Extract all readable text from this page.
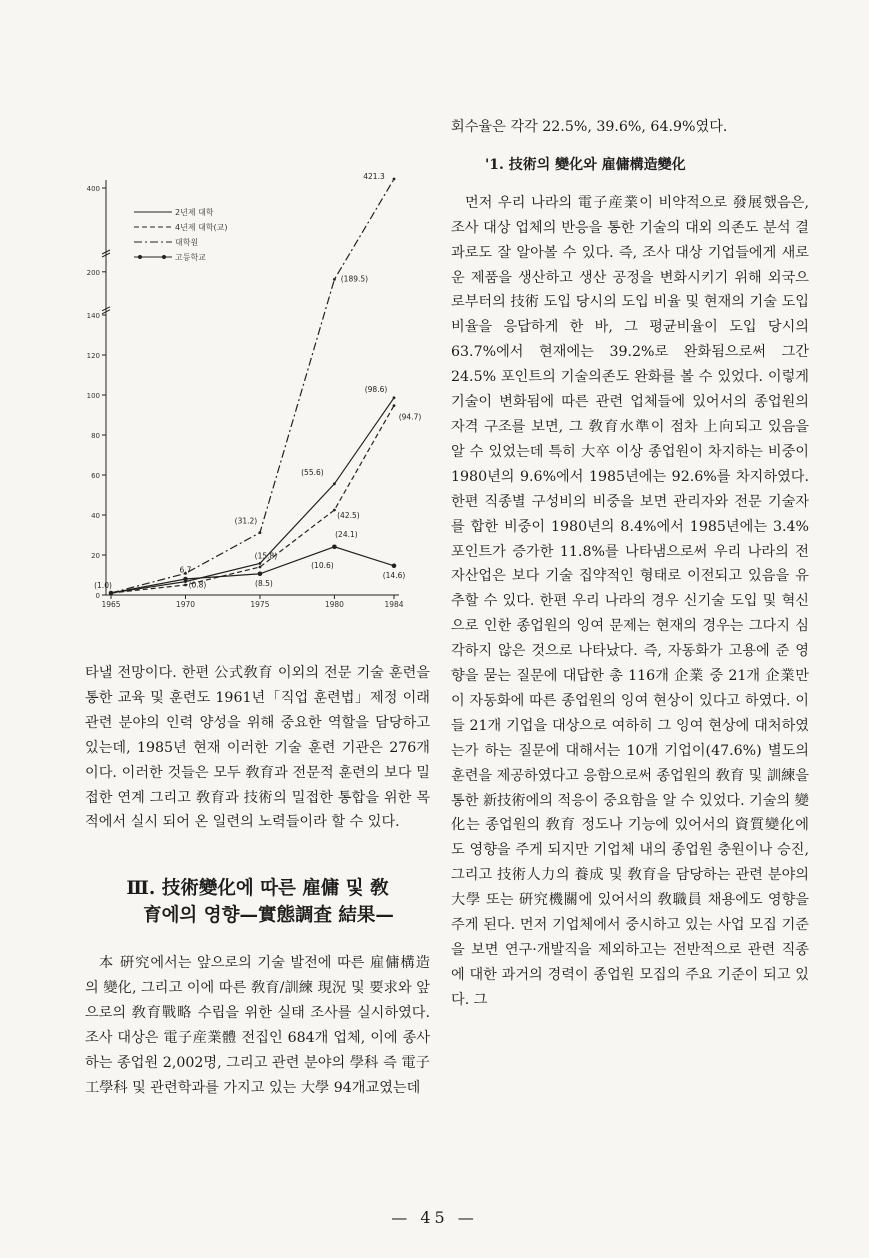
400
200
140
120
100
80
60
40
20
0
1965	1970	1975	1980	1984
2년제 대학
4년제 대학(교)
대학원
고등학교
(1.0)
6.7
(0.8)
(31.2)
(15.8)
(10.6)
(8.5)
(55.6)
(42.5)
(24.1)
(189.5)
421.3
(98.6)
(94.7)
(14.6)

회수율은 각각 22.5%, 39.6%, 64.9%였다.

'1. 技術의 變化와 雇傭構造變化

먼저 우리 나라의 電子産業이 비약적으로 發展했음은, 조사 대상 업체의 반응을 통한 기술의 대외 의존도 분석 결과로도 잘 알아볼 수 있다. 즉, 조사 대상 기업들에게 새로운 제품을 생산하고 생산 공정을 변화시키기 위해 외국으로부터의 技術 도입 당시의 도입 비율 및 현재의 기술 도입 비율을 응답하게 한 바, 그 평균비율이 도입 당시의 63.7%에서 현재에는 39.2%로 완화됨으로써 그간 24.5% 포인트의 기술의존도 완화를 볼 수 있었다. 이렇게 기술이 변화됨에 따른 관련 업체들에 있어서의 종업원의 자격 구조를 보면, 그 敎育水準이 점차 上向되고 있음을 알 수 있었는데 특히 大卒 이상 종업원이 차지하는 비중이 1980년의 9.6%에서 1985년에는 92.6%를 차지하였다. 한편 직종별 구성비의 비중을 보면 관리자와 전문 기술자를 합한 비중이 1980년의 8.4%에서 1985년에는 3.4% 포인트가 증가한 11.8%를 나타냄으로써 우리 나라의 전자산업은 보다 기술 집약적인 형태로 이전되고 있음을 유추할 수 있다. 한편 우리 나라의 경우 신기술 도입 및 혁신으로 인한 종업원의 잉여 문제는 현재의 경우는 그다지 심각하지 않은 것으로 나타났다. 즉, 자동화가 고용에 준 영향을 묻는 질문에 대답한 총 116개 企業 중 21개 企業만이 자동화에 따른 종업원의 잉여 현상이 있다고 하였다. 이들 21개 기업을 대상으로 여하히 그 잉여 현상에 대처하였는가 하는 질문에 대해서는 10개 기업이(47.6%) 별도의 훈련을 제공하였다고 응함으로써 종업원의 敎育 및 訓練을 통한 新技術에의 적응이 중요함을 알 수 있었다. 기술의 變化는 종업원의 敎育 정도나 기능에 있어서의 資質變化에도 영향을 주게 되지만 기업체 내의 종업원 충원이나 승진, 그리고 技術人力의 養成 및 敎育을 담당하는 관련 분야의 大學 또는 硏究機關에 있어서의 敎職員 채용에도 영향을 주게 된다. 먼저 기업체에서 중시하고 있는 사업 모집 기준을 보면 연구·개발직을 제외하고는 전반적으로 관련 직종에 대한 과거의 경력이 종업원 모집의 주요 기준이 되고 있다. 그

타낼 전망이다. 한편 公式敎育 이외의 전문 기술 훈련을 통한 교육 및 훈련도 1961년「직업 훈련법」제정 이래 관련 분야의 인력 양성을 위해 중요한 역할을 담당하고 있는데, 1985년 현재 이러한 기술 훈련 기관은 276개이다. 이러한 것들은 모두 敎育과 전문적 훈련의 보다 밀접한 연계 그리고 敎育과 技術의 밀접한 통합을 위한 목적에서 실시 되어 온 일련의 노력들이라 할 수 있다.

Ⅲ. 技術變化에 따른 雇傭 및 敎

育에의 영향—實態調査 結果—

本 硏究에서는 앞으로의 기술 발전에 따른 雇傭構造의 變化, 그리고 이에 따른 敎育/訓練 現況 및 要求와 앞으로의 敎育戰略 수립을 위한 실태 조사를 실시하였다. 조사 대상은 電子産業體 전집인 684개 업체, 이에 종사하는 종업원 2,002명, 그리고 관련 분야의 學科 즉 電子工學科 및 관련학과를 가지고 있는 大學 94개교였는데

— 45 —
